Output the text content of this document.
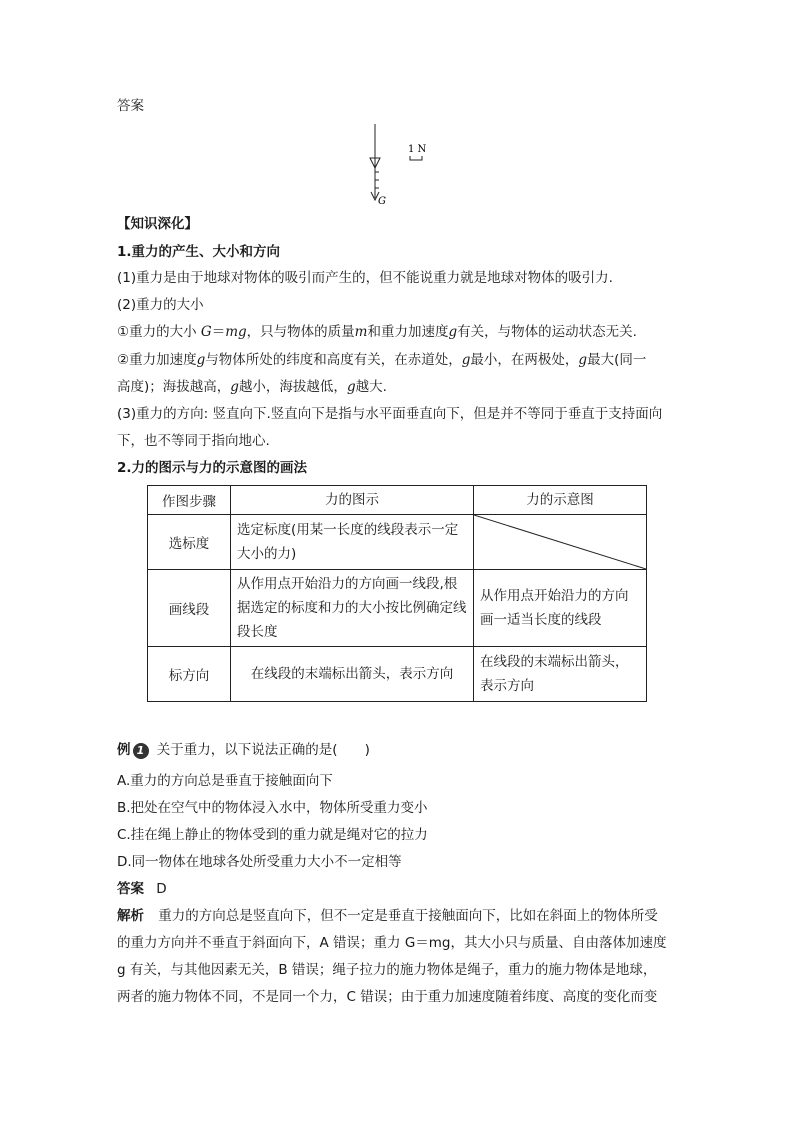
答案
1 N
G
【知识深化】
1.重力的产生、大小和方向
(1)重力是由于地球对物体的吸引而产生的，但不能说重力就是地球对物体的吸引力.
(2)重力的大小
①重力的大小 G＝mg，只与物体的质量m和重力加速度g有关，与物体的运动状态无关.
②重力加速度g与物体所处的纬度和高度有关，在赤道处，g最小，在两极处，g最大(同一
高度)；海拔越高，g越小，海拔越低，g越大.
(3)重力的方向: 竖直向下.竖直向下是指与水平面垂直向下，但是并不等同于垂直于支持面向
下，也不等同于指向地心.
2.力的图示与力的示意图的画法
作图步骤	力的图示	力的示意图
选标度	选定标度(用某一长度的线段表示一定大小的力)	

画线段	从作用点开始沿力的方向画一线段,根据选定的标度和力的大小按比例确定线段长度	从作用点开始沿力的方向画一适当长度的线段
标方向	在线段的末端标出箭头，表示方向	在线段的末端标出箭头，表示方向
例 1 关于重力，以下说法正确的是(　　)
A.重力的方向总是垂直于接触面向下
B.把处在空气中的物体浸入水中，物体所受重力变小
C.挂在绳上静止的物体受到的重力就是绳对它的拉力
D.同一物体在地球各处所受重力大小不一定相等
答案 D
解析 重力的方向总是竖直向下，但不一定是垂直于接触面向下，比如在斜面上的物体所受
的重力方向并不垂直于斜面向下，A 错误；重力 G＝mg，其大小只与质量、自由落体加速度
g 有关，与其他因素无关，B 错误；绳子拉力的施力物体是绳子，重力的施力物体是地球，
两者的施力物体不同，不是同一个力，C 错误；由于重力加速度随着纬度、高度的变化而变
